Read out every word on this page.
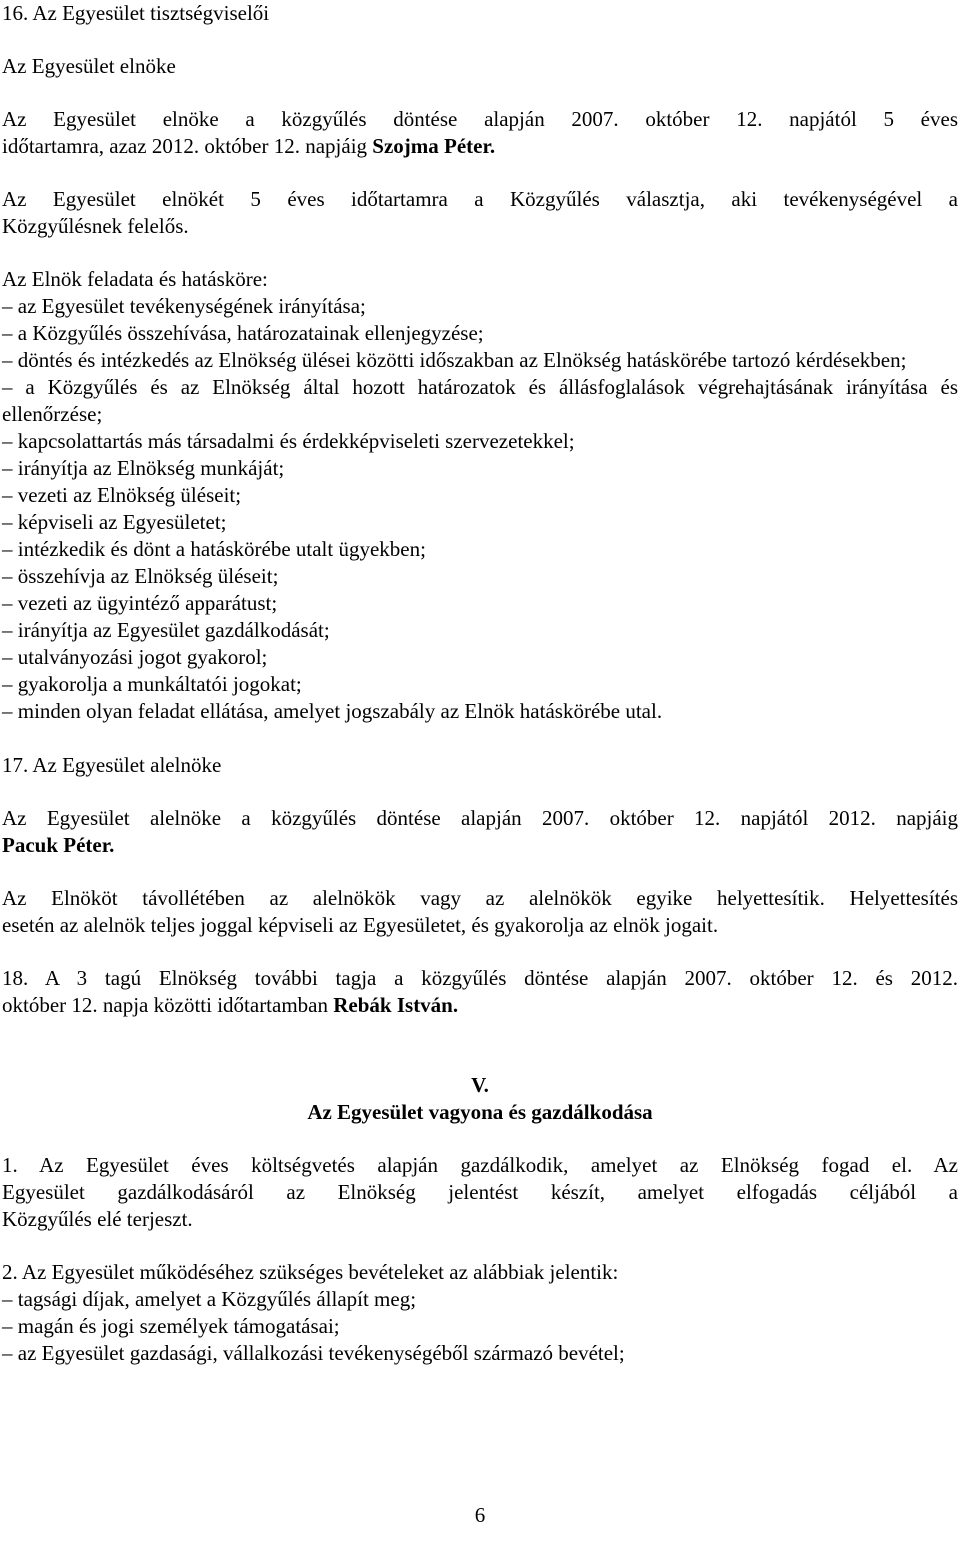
16. Az Egyesület tisztségviselői

Az Egyesület elnöke

Az Egyesület elnöke a közgyűlés döntése alapján 2007. október 12. napjától 5 éves

időtartamra, azaz 2012. október 12. napjáig Szojma Péter.

Az Egyesület elnökét 5 éves időtartamra a Közgyűlés választja, aki tevékenységével a

Közgyűlésnek felelős.

Az Elnök feladata és hatásköre:

– az Egyesület tevékenységének irányítása;

– a Közgyűlés összehívása, határozatainak ellenjegyzése;

– döntés és intézkedés az Elnökség ülései közötti időszakban az Elnökség hatáskörébe tartozó kérdésekben;

– a Közgyűlés és az Elnökség által hozott határozatok és állásfoglalások végrehajtásának irányítása és ellenőrzése;

– kapcsolattartás más társadalmi és érdekképviseleti szervezetekkel;

– irányítja az Elnökség munkáját;

– vezeti az Elnökség üléseit;

– képviseli az Egyesületet;

– intézkedik és dönt a hatáskörébe utalt ügyekben;

– összehívja az Elnökség üléseit;

– vezeti az ügyintéző apparátust;

– irányítja az Egyesület gazdálkodását;

– utalványozási jogot gyakorol;

– gyakorolja a munkáltatói jogokat;

– minden olyan feladat ellátása, amelyet jogszabály az Elnök hatáskörébe utal.

17. Az Egyesület alelnöke

Az Egyesület alelnöke a közgyűlés döntése alapján 2007. október 12. napjától 2012. napjáig

Pacuk Péter.

Az Elnököt távollétében az alelnökök vagy az alelnökök egyike helyettesítik. Helyettesítés

esetén az alelnök teljes joggal képviseli az Egyesületet, és gyakorolja az elnök jogait.

18. A 3 tagú Elnökség további tagja a közgyűlés döntése alapján 2007. október 12. és 2012.

október 12. napja közötti időtartamban Rebák István.

V.

Az Egyesület vagyona és gazdálkodása

1. Az Egyesület éves költségvetés alapján gazdálkodik, amelyet az Elnökség fogad el. Az

Egyesület gazdálkodásáról az Elnökség jelentést készít, amelyet elfogadás céljából a

Közgyűlés elé terjeszt.

2. Az Egyesület működéséhez szükséges bevételeket az alábbiak jelentik:

– tagsági díjak, amelyet a Közgyűlés állapít meg;

– magán és jogi személyek támogatásai;

– az Egyesület gazdasági, vállalkozási tevékenységéből származó bevétel;

6
